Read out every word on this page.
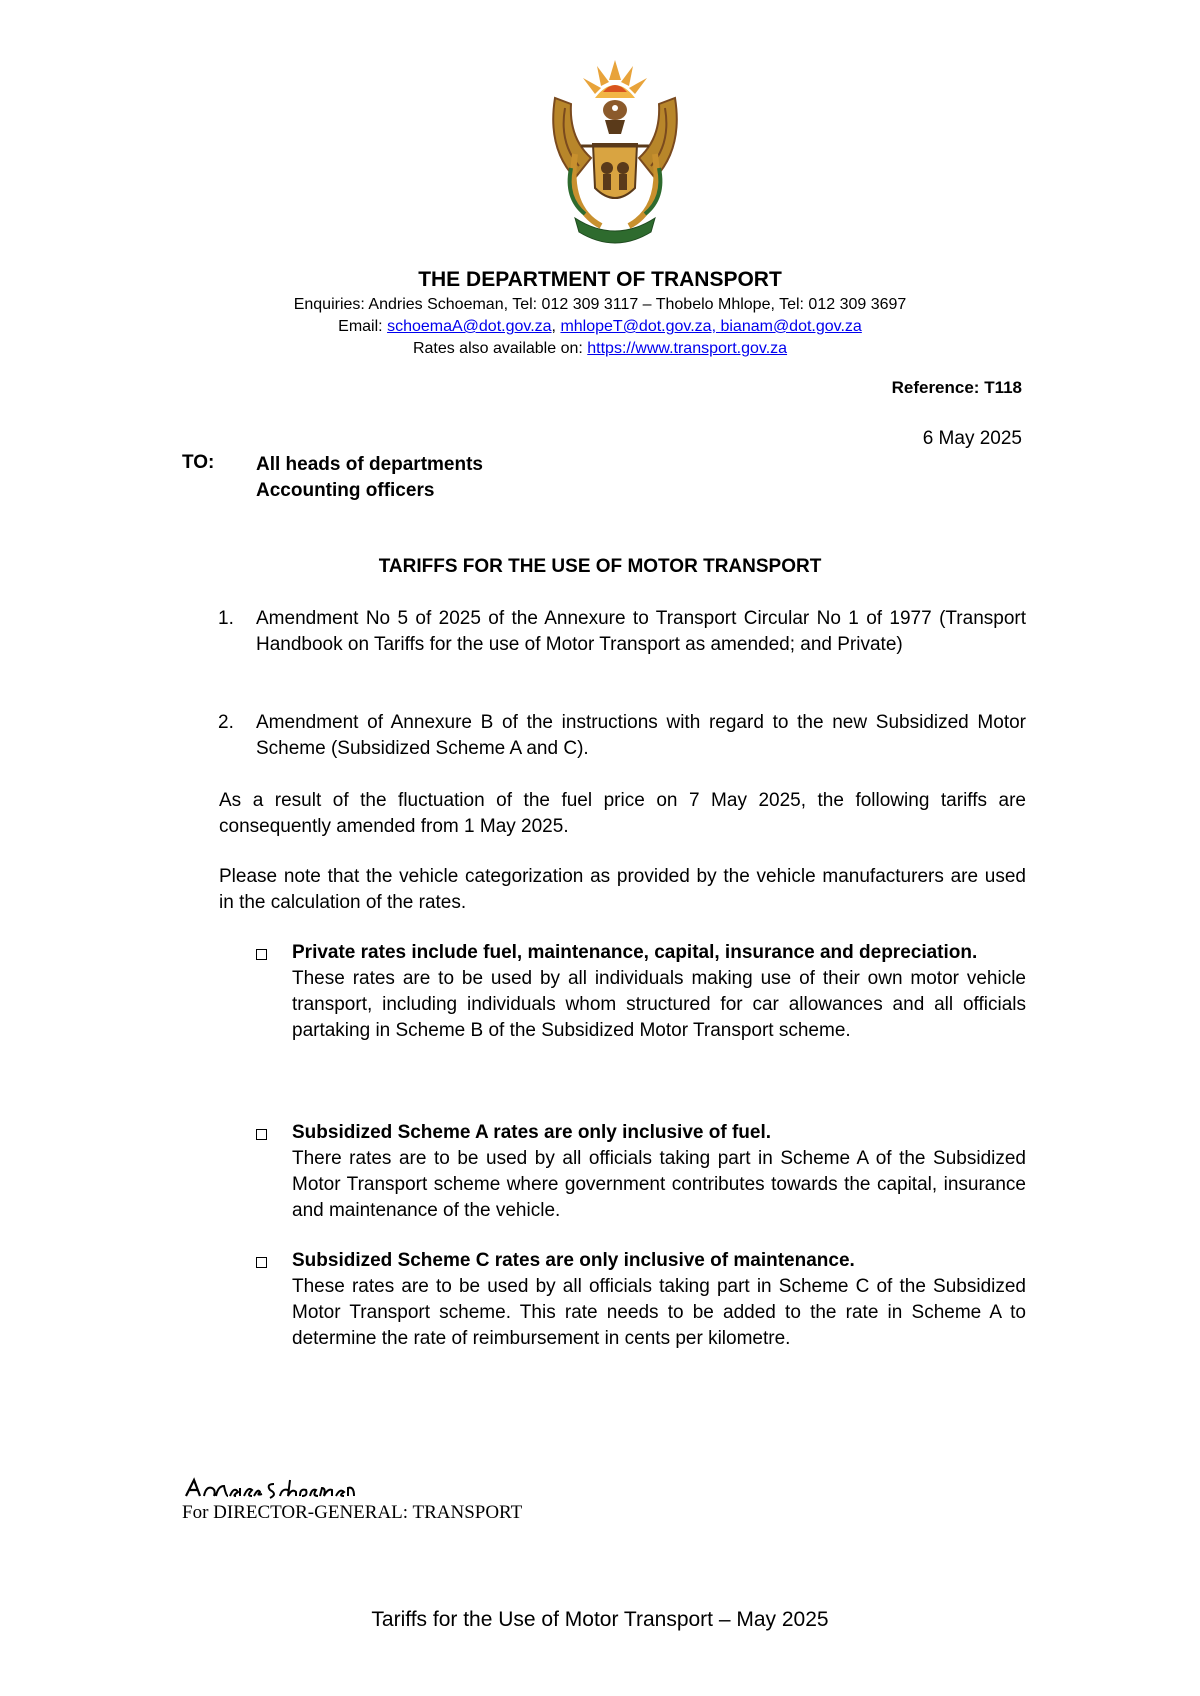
THE DEPARTMENT OF TRANSPORT
Enquiries: Andries Schoeman, Tel: 012 309 3117 – Thobelo Mhlope, Tel: 012 309 3697
Email: schoemaA@dot.gov.za, mhlopeT@dot.gov.za, bianam@dot.gov.za
Rates also available on: https://www.transport.gov.za
Reference: T118
6 May 2025
TO: All heads of departments
Accounting officers
TARIFFS FOR THE USE OF MOTOR TRANSPORT
1. Amendment No 5 of 2025 of the Annexure to Transport Circular No 1 of 1977 (Transport Handbook on Tariffs for the use of Motor Transport as amended; and Private)
2. Amendment of Annexure B of the instructions with regard to the new Subsidized Motor Scheme (Subsidized Scheme A and C).
As a result of the fluctuation of the fuel price on 7 May 2025, the following tariffs are consequently amended from 1 May 2025.
Please note that the vehicle categorization as provided by the vehicle manufacturers are used in the calculation of the rates.
Private rates include fuel, maintenance, capital, insurance and depreciation.
These rates are to be used by all individuals making use of their own motor vehicle transport, including individuals whom structured for car allowances and all officials partaking in Scheme B of the Subsidized Motor Transport scheme.
Subsidized Scheme A rates are only inclusive of fuel.
There rates are to be used by all officials taking part in Scheme A of the Subsidized Motor Transport scheme where government contributes towards the capital, insurance and maintenance of the vehicle.
Subsidized Scheme C rates are only inclusive of maintenance.
These rates are to be used by all officials taking part in Scheme C of the Subsidized Motor Transport scheme. This rate needs to be added to the rate in Scheme A to determine the rate of reimbursement in cents per kilometre.
For DIRECTOR-GENERAL: TRANSPORT
Tariffs for the Use of Motor Transport – May 2025
